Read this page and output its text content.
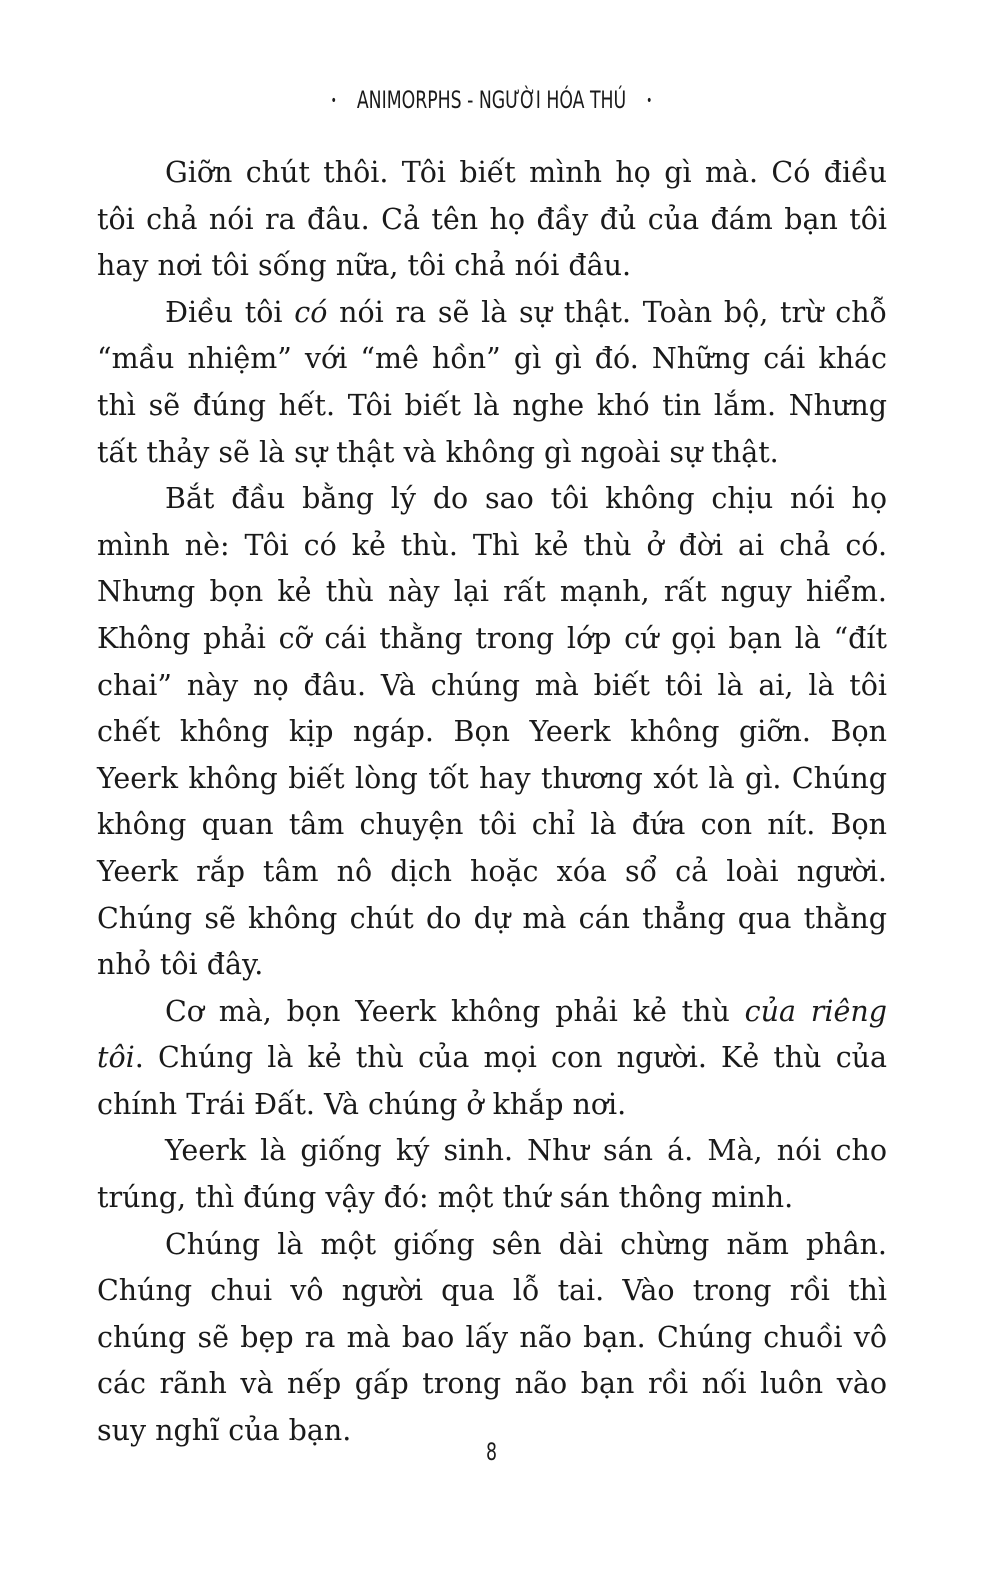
• ANIMORPHS - NGƯỜI HÓA THÚ •

Giỡn chút thôi. Tôi biết mình họ gì mà. Có điều tôi chả nói ra đâu. Cả tên họ đầy đủ của đám bạn tôi hay nơi tôi sống nữa, tôi chả nói đâu.

Điều tôi có nói ra sẽ là sự thật. Toàn bộ, trừ chỗ “mầu nhiệm” với “mê hồn” gì gì đó. Những cái khác thì sẽ đúng hết. Tôi biết là nghe khó tin lắm. Nhưng tất thảy sẽ là sự thật và không gì ngoài sự thật.

Bắt đầu bằng lý do sao tôi không chịu nói họ mình nè: Tôi có kẻ thù. Thì kẻ thù ở đời ai chả có. Nhưng bọn kẻ thù này lại rất mạnh, rất nguy hiểm. Không phải cỡ cái thằng trong lớp cứ gọi bạn là “đít chai” này nọ đâu. Và chúng mà biết tôi là ai, là tôi chết không kịp ngáp. Bọn Yeerk không giỡn. Bọn Yeerk không biết lòng tốt hay thương xót là gì. Chúng không quan tâm chuyện tôi chỉ là đứa con nít. Bọn Yeerk rắp tâm nô dịch hoặc xóa sổ cả loài người. Chúng sẽ không chút do dự mà cán thẳng qua thằng nhỏ tôi đây.

Cơ mà, bọn Yeerk không phải kẻ thù của riêng tôi. Chúng là kẻ thù của mọi con người. Kẻ thù của chính Trái Đất. Và chúng ở khắp nơi.

Yeerk là giống ký sinh. Như sán á. Mà, nói cho trúng, thì đúng vậy đó: một thứ sán thông minh.

Chúng là một giống sên dài chừng năm phân. Chúng chui vô người qua lỗ tai. Vào trong rồi thì chúng sẽ bẹp ra mà bao lấy não bạn. Chúng chuồi vô các rãnh và nếp gấp trong não bạn rồi nối luôn vào suy nghĩ của bạn.

8
